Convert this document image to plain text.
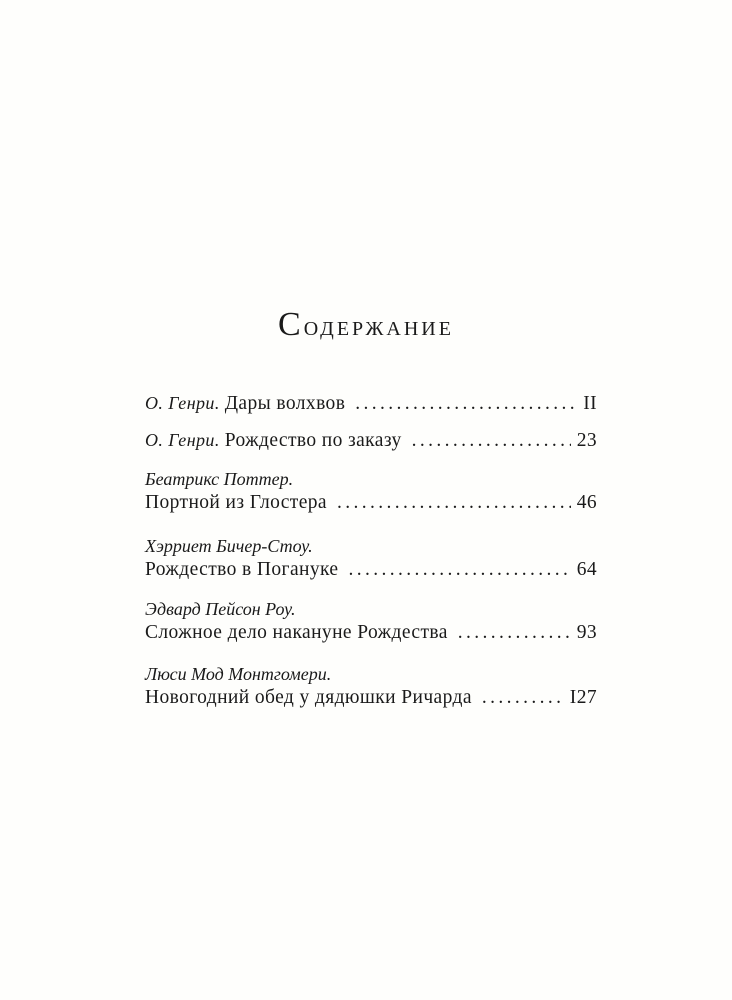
Содержание
О. Генри. Дары волхвов . . .	II
О. Генри. Рождество по заказу . . .	23
Беатрикс Поттер.
Портной из Глостера . . .	46
Хэрриет Бичер-Стоу.
Рождество в Погануке . . .	64
Эдвард Пейсон Роу.
Сложное дело накануне Рождества . . .	93
Люси Мод Монтгомери.
Новогодний обед у дядюшки Ричарда . . .	I27
